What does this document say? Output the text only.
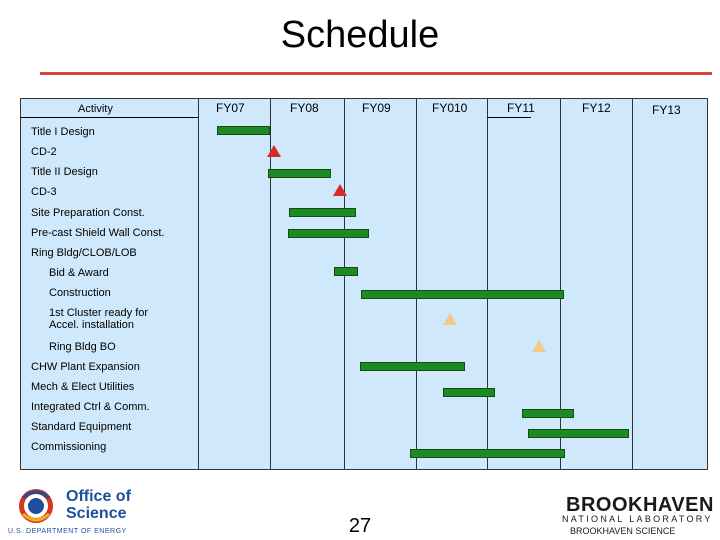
Schedule
Activity	FY07	FY08	FY09	FY010	FY11	FY12	FY13
Title I Design
CD-2
Title II Design
CD-3
Site Preparation Const.
Pre-cast Shield Wall Const.
Ring Bldg/CLOB/LOB
Bid & Award
Construction
1st Cluster ready for
Accel. installation
Ring Bldg BO
CHW Plant Expansion
Mech & Elect Utilities
Integrated Ctrl & Comm.
Standard Equipment
Commissioning
Office of
Science
U.S. DEPARTMENT OF ENERGY	27
BROOKHAVEN
NATIONAL LABORATORY
BROOKHAVEN SCIENCE
